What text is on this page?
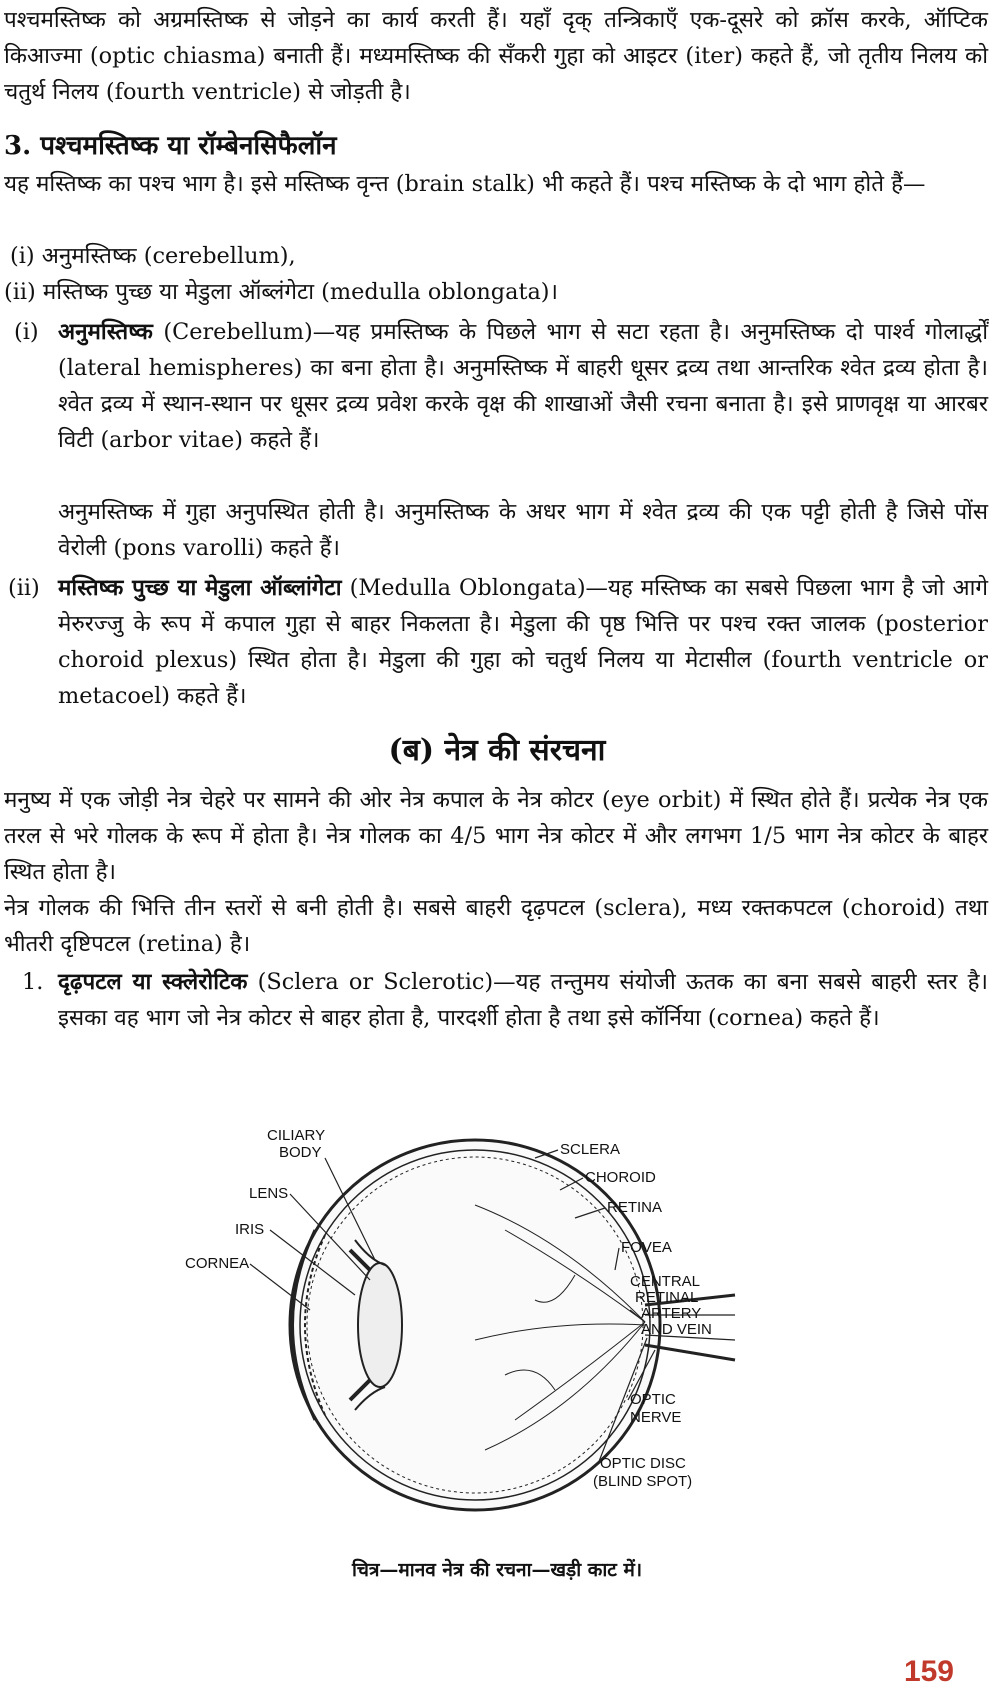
पश्चमस्तिष्क को अग्रमस्तिष्क से जोड़ने का कार्य करती हैं। यहाँ दृक् तन्त्रिकाएँ एक-दूसरे को क्रॉस करके, ऑप्टिक किआज्मा (optic chiasma) बनाती हैं। मध्यमस्तिष्क की सँकरी गुहा को आइटर (iter) कहते हैं, जो तृतीय निलय को चतुर्थ निलय (fourth ventricle) से जोड़ती है।

3. पश्चमस्तिष्क या रॉम्बेनसिफैलॉन

यह मस्तिष्क का पश्च भाग है। इसे मस्तिष्क वृन्त (brain stalk) भी कहते हैं। पश्च मस्तिष्क के दो भाग होते हैं—

(i) अनुमस्तिष्क (cerebellum),

(ii) मस्तिष्क पुच्छ या मेडुला ऑब्लंगेटा (medulla oblongata)।

(i) अनुमस्तिष्क (Cerebellum)—यह प्रमस्तिष्क के पिछले भाग से सटा रहता है। अनुमस्तिष्क दो पार्श्व गोलार्द्धों (lateral hemispheres) का बना होता है। अनुमस्तिष्क में बाहरी धूसर द्रव्य तथा आन्तरिक श्वेत द्रव्य होता है। श्वेत द्रव्य में स्थान-स्थान पर धूसर द्रव्य प्रवेश करके वृक्ष की शाखाओं जैसी रचना बनाता है। इसे प्राणवृक्ष या आरबर विटी (arbor vitae) कहते हैं।

अनुमस्तिष्क में गुहा अनुपस्थित होती है। अनुमस्तिष्क के अधर भाग में श्वेत द्रव्य की एक पट्टी होती है जिसे पोंस वेरोली (pons varolli) कहते हैं।

(ii) मस्तिष्क पुच्छ या मेडुला ऑब्लांगेटा (Medulla Oblongata)—यह मस्तिष्क का सबसे पिछला भाग है जो आगे मेरुरज्जु के रूप में कपाल गुहा से बाहर निकलता है। मेडुला की पृष्ठ भित्ति पर पश्च रक्त जालक (posterior choroid plexus) स्थित होता है। मेडुला की गुहा को चतुर्थ निलय या मेटासील (fourth ventricle or metacoel) कहते हैं।

(ब) नेत्र की संरचना

मनुष्य में एक जोड़ी नेत्र चेहरे पर सामने की ओर नेत्र कपाल के नेत्र कोटर (eye orbit) में स्थित होते हैं। प्रत्येक नेत्र एक तरल से भरे गोलक के रूप में होता है। नेत्र गोलक का 4/5 भाग नेत्र कोटर में और लगभग 1/5 भाग नेत्र कोटर के बाहर स्थित होता है।

नेत्र गोलक की भित्ति तीन स्तरों से बनी होती है। सबसे बाहरी दृढ़पटल (sclera), मध्य रक्तकपटल (choroid) तथा भीतरी दृष्टिपटल (retina) है।

1. दृढ़पटल या स्क्लेरोटिक (Sclera or Sclerotic)—यह तन्तुमय संयोजी ऊतक का बना सबसे बाहरी स्तर है। इसका वह भाग जो नेत्र कोटर से बाहर होता है, पारदर्शी होता है तथा इसे कॉर्निया (cornea) कहते हैं।

CILIARY
BODY
LENS
IRIS
CORNEA
SCLERA
CHOROID
RETINA
FOVEA
CENTRAL
RETINAL
ARTERY
AND VEIN
OPTIC
NERVE
OPTIC DISC
(BLIND SPOT)

चित्र—मानव नेत्र की रचना—खड़ी काट में।

159
